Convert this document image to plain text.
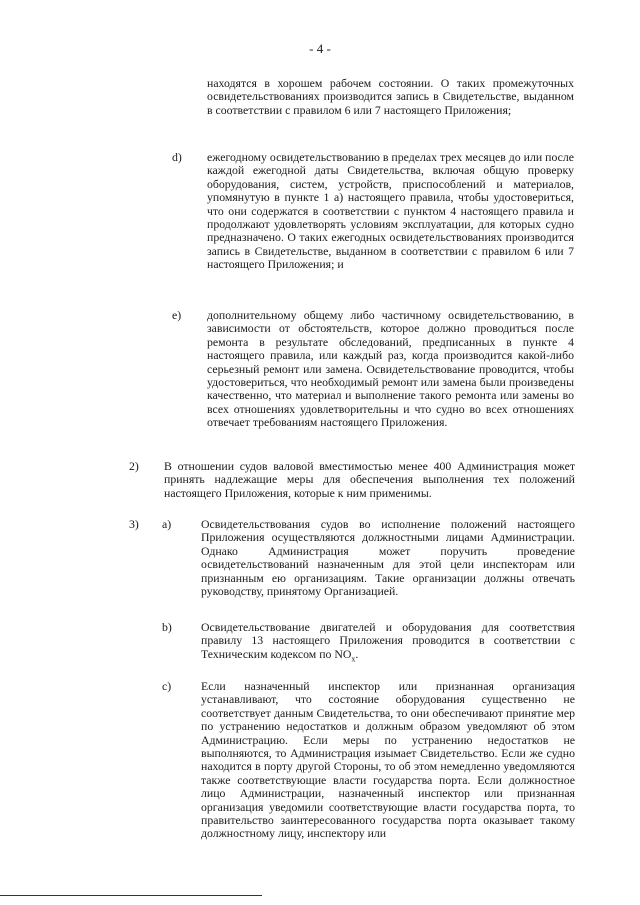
- 4 -

находятся в хорошем рабочем состоянии. О таких промежуточных освидетельствованиях производится запись в Свидетельстве, выданном в соответствии с правилом 6 или 7 настоящего Приложения;

d) ежегодному освидетельствованию в пределах трех месяцев до или после каждой ежегодной даты Свидетельства, включая общую проверку оборудования, систем, устройств, приспособлений и материалов, упомянутую в пункте 1 а) настоящего правила, чтобы удостовериться, что они содержатся в соответствии с пунктом 4 настоящего правила и продолжают удовлетворять условиям эксплуатации, для которых судно предназначено. О таких ежегодных освидетельствованиях производится запись в Свидетельстве, выданном в соответствии с правилом 6 или 7 настоящего Приложения; и

e) дополнительному общему либо частичному освидетельствованию, в зависимости от обстоятельств, которое должно проводиться после ремонта в результате обследований, предписанных в пункте 4 настоящего правила, или каждый раз, когда производится какой-либо серьезный ремонт или замена. Освидетельствование проводится, чтобы удостовериться, что необходимый ремонт или замена были произведены качественно, что материал и выполнение такого ремонта или замены во всех отношениях удовлетворительны и что судно во всех отношениях отвечает требованиям настоящего Приложения.

2) В отношении судов валовой вместимостью менее 400 Администрация может принять надлежащие меры для обеспечения выполнения тех положений настоящего Приложения, которые к ним применимы.

3) a)	Освидетельствования судов во исполнение положений настоящего Приложения осуществляются должностными лицами Администрации. Однако Администрация может поручить проведение освидетельствований назначенным для этой цели инспекторам или признанным ею организациям. Такие организации должны отвечать руководству, принятому Организацией.

b) Освидетельствование двигателей и оборудования для соответствия правилу 13 настоящего Приложения проводится в соответствии с Техническим кодексом по $NO_x$.

c)	Если назначенный инспектор или признанная организация устанавливают, что состояние оборудования существенно не соответствует данным Свидетельства, то они обеспечивают принятие мер по устранению недостатков и должным образом уведомляют об этом Администрацию. Если меры по устранению недостатков не выполняются, то Администрация изымает Свидетельство. Если же судно находится в порту другой Стороны, то об этом немедленно уведомляются также соответствующие власти государства порта. Если должностное лицо Администрации, назначенный инспектор или признанная организация уведомили соответствующие власти государства порта, то правительство заинтересованного государства порта оказывает такому должностному лицу, инспектору или
